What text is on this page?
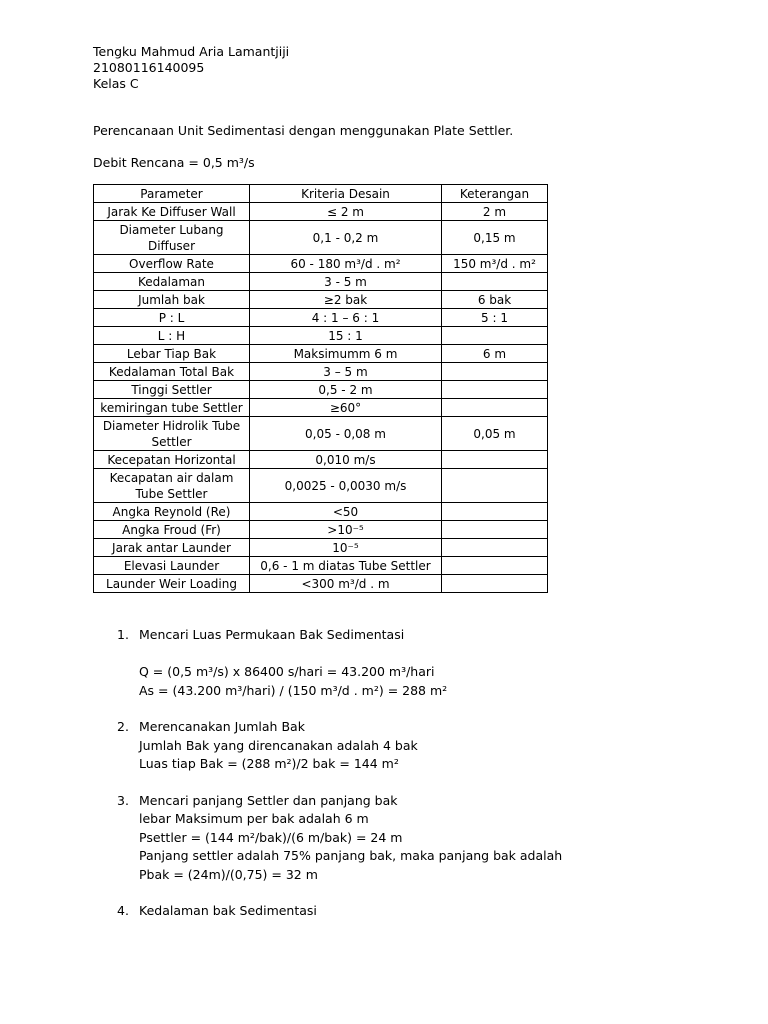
Tengku Mahmud Aria Lamantjiji
21080116140095
Kelas C
Perencanaan Unit Sedimentasi dengan menggunakan Plate Settler.
Debit Rencana = 0,5 m³/s
Parameter	Kriteria Desain	Keterangan
Jarak Ke Diffuser Wall	≤ 2 m	2 m
Diameter Lubang Diffuser	0,1 - 0,2 m	0,15 m
Overflow Rate	60 - 180 m³/d . m²	150 m³/d . m²
Kedalaman	3 - 5 m	
Jumlah bak	≥2 bak	6 bak
P : L	4 : 1 – 6 : 1	5 : 1
L : H	15 : 1	
Lebar Tiap Bak	Maksimumm 6 m	6 m
Kedalaman Total Bak	3 – 5 m	
Tinggi Settler	0,5 - 2 m	
kemiringan tube Settler	≥60°	
Diameter Hidrolik Tube Settler	0,05 - 0,08 m	0,05 m
Kecepatan Horizontal	0,010 m/s	
Kecapatan air dalam Tube Settler	0,0025 - 0,0030 m/s	
Angka Reynold (Re)	<50	
Angka Froud (Fr)	>10⁻⁵	
Jarak antar Launder	10⁻⁵	
Elevasi Launder	0,6 - 1 m diatas Tube Settler	
Launder Weir Loading	<300 m³/d . m	
1. Mencari Luas Permukaan Bak Sedimentasi
Q = (0,5 m³/s) x 86400 s/hari = 43.200 m³/hari
As = (43.200 m³/hari) / (150 m³/d . m²) = 288 m²
2. Merencanakan Jumlah Bak
Jumlah Bak yang direncanakan adalah 4 bak
Luas tiap Bak = (288 m²)/2 bak = 144 m²
3. Mencari panjang Settler dan panjang bak
lebar Maksimum per bak adalah 6 m
Psettler = (144 m²/bak)/(6 m/bak) = 24 m
Panjang settler adalah 75% panjang bak, maka panjang bak adalah
Pbak = (24m)/(0,75) = 32 m
4. Kedalaman bak Sedimentasi
